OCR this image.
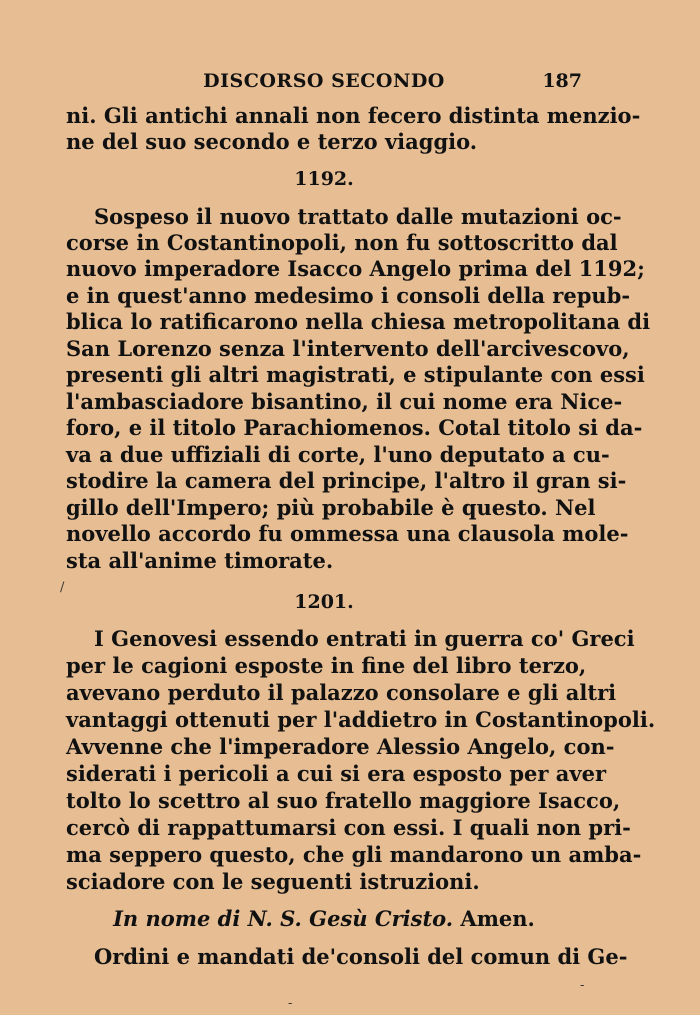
DISCORSO SECONDO	187
ni. Gli antichi annali non fecero distinta menzio-
ne del suo secondo e terzo viaggio.
1192.
Sospeso il nuovo trattato dalle mutazioni oc-
corse in Costantinopoli, non fu sottoscritto dal
nuovo imperadore Isacco Angelo prima del 1192;
e in quest'anno medesimo i consoli della repub-
blica lo ratificarono nella chiesa metropolitana di
San Lorenzo senza l'intervento dell'arcivescovo,
presenti gli altri magistrati, e stipulante con essi
l'ambasciadore bisantino, il cui nome era Nice-
foro, e il titolo Parachiomenos. Cotal titolo si da-
va a due uffiziali di corte, l'uno deputato a cu-
stodire la camera del principe, l'altro il gran si-
gillo dell'Impero; più probabile è questo. Nel
novello accordo fu ommessa una clausola mole-
sta all'anime timorate.
/
1201.
I Genovesi essendo entrati in guerra co' Greci
per le cagioni esposte in fine del libro terzo,
avevano perduto il palazzo consolare e gli altri
vantaggi ottenuti per l'addietro in Costantinopoli.
Avvenne che l'imperadore Alessio Angelo, con-
siderati i pericoli a cui si era esposto per aver
tolto lo scettro al suo fratello maggiore Isacco,
cercò di rappattumarsi con essi. I quali non pri-
ma seppero questo, che gli mandarono un amba-
sciadore con le seguenti istruzioni.
In nome di N. S. Gesù Cristo. Amen.
Ordini e mandati de'consoli del comun di Ge-
-
-
